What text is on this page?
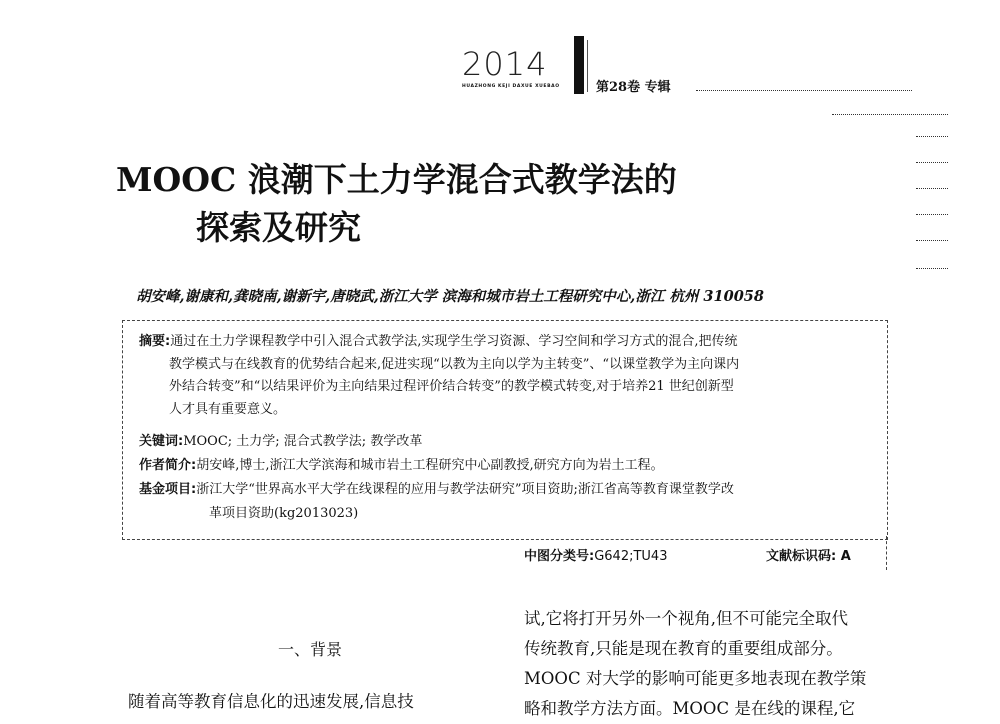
2014
HUAZHONG KEJI DAXUE XUEBAO	第28卷 专辑
MOOC 浪潮下土力学混合式教学法的
探索及研究
胡安峰,谢康和,龚晓南,谢新宇,唐晓武,浙江大学 滨海和城市岩土工程研究中心,浙江 杭州 310058

摘要:通过在土力学课程教学中引入混合式教学法,实现学生学习资源、学习空间和学习方式的混合,把传统

教学模式与在线教育的优势结合起来,促进实现“以教为主向以学为主转变”、“以课堂教学为主向课内

外结合转变”和“以结果评价为主向结果过程评价结合转变”的教学模式转变,对于培养21 世纪创新型

人才具有重要意义。

关键词:MOOC; 土力学; 混合式教学法; 教学改革
作者简介:胡安峰,博士,浙江大学滨海和城市岩土工程研究中心副教授,研究方向为岩土工程。
基金项目:浙江大学“世界高水平大学在线课程的应用与教学法研究”项目资助;浙江省高等教育课堂教学改
革项目资助(kg2013023)
中图分类号:G642;TU43	文献标识码: A
一、背景
随着高等教育信息化的迅速发展,信息技
试,它将打开另外一个视角,但不可能完全取代
传统教育,只能是现在教育的重要组成部分。
MOOC 对大学的影响可能更多地表现在教学策
略和教学方法方面。MOOC 是在线的课程,它
